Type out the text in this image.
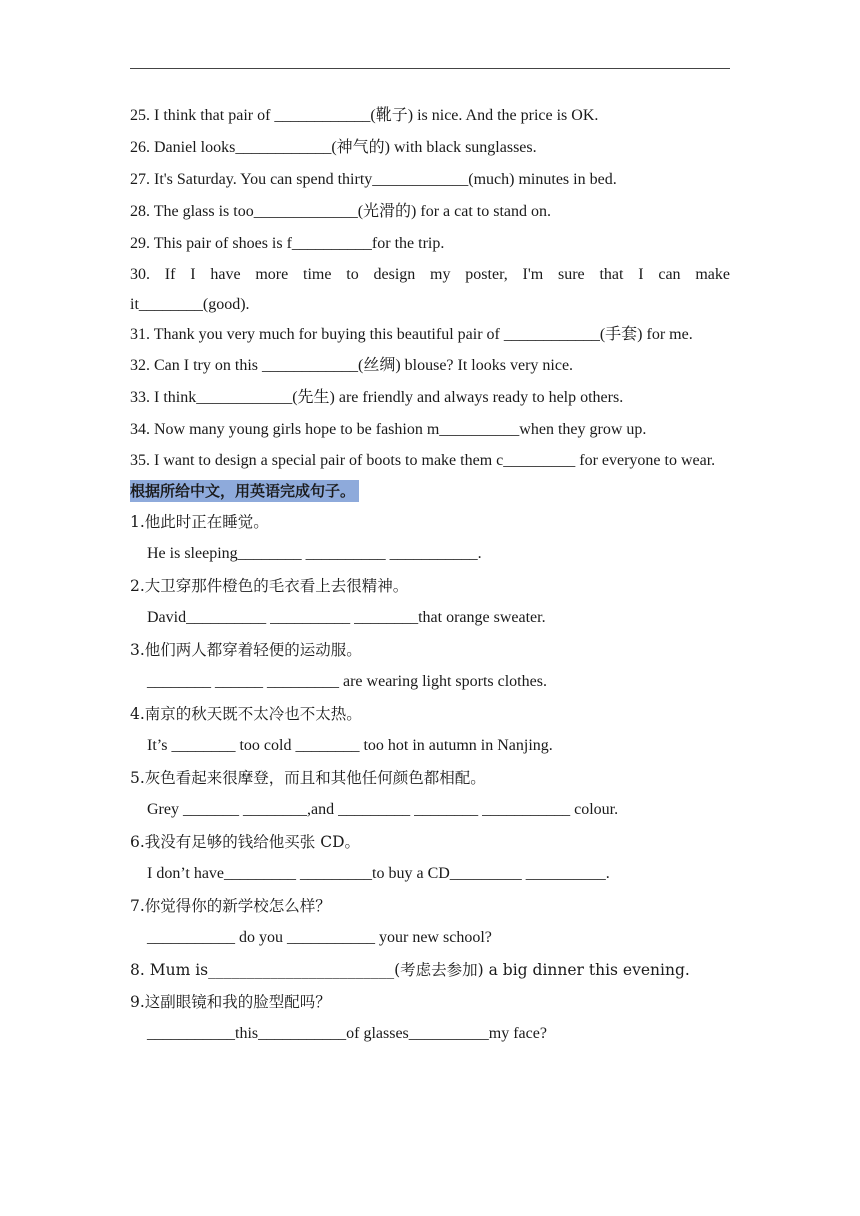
25. I think that pair of ____________(靴子) is nice. And the price is OK.
26. Daniel looks____________(神气的) with black sunglasses.
27. It's Saturday. You can spend thirty____________(much) minutes in bed.
28. The glass is too_____________(光滑的) for a cat to stand on.
29. This pair of shoes is f__________for the trip.
30. If I have more time to design my poster, I'm sure that I can make it________(good).
31. Thank you very much for buying this beautiful pair of ____________(手套) for me.
32. Can I try on this ____________(丝绸) blouse? It looks very nice.
33. I think____________(先生) are friendly and always ready to help others.
34. Now many young girls hope to be fashion m__________when they grow up.
35. I want to design a special pair of boots to make them c_________ for everyone to wear.
根据所给中文，用英语完成句子。
1.他此时正在睡觉。
He is sleeping________ __________ ___________.
2.大卫穿那件橙色的毛衣看上去很精神。
David__________ __________ ________that orange sweater.
3.他们两人都穿着轻便的运动服。
________ ______ _________ are wearing light sports clothes.
4.南京的秋天既不太冷也不太热。
It’s ________ too cold ________ too hot in autumn in Nanjing.
5.灰色看起来很摩登，而且和其他任何颜色都相配。
Grey _______ ________,and _________ ________ ___________ colour.
6.我没有足够的钱给他买张 CD。
I don’t have_________ _________to buy a CD_________ __________.
7.你觉得你的新学校怎么样？
___________ do you ___________ your new school?
8. Mum is________________________(考虑去参加) a big dinner this evening.
9.这副眼镜和我的脸型配吗？
___________this___________of glasses__________my face?
